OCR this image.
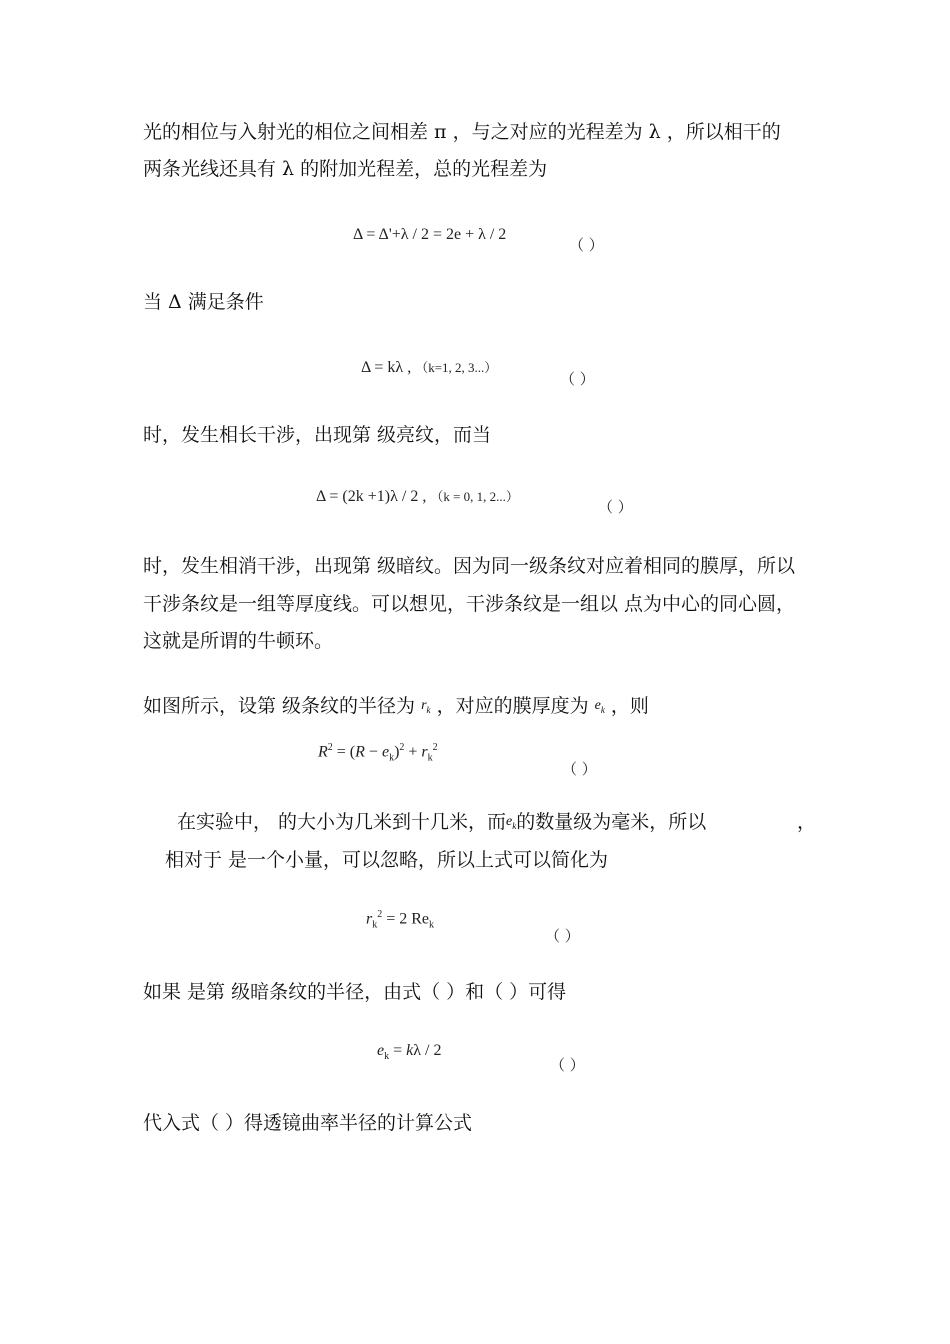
光的相位与入射光的相位之间相差 π ，与之对应的光程差为 λ ，所以相干的
两条光线还具有 λ 的附加光程差，总的光程差为
Δ = Δ'+λ / 2 = 2e + λ / 2
（ ）
当 Δ 满足条件
Δ = kλ , （k=1, 2, 3...）
（ ）
时，发生相长干涉，出现第 级亮纹，而当
Δ = (2k +1)λ / 2 , （k = 0, 1, 2...）
（ ）
时，发生相消干涉，出现第 级暗纹。因为同一级条纹对应着相同的膜厚，所以
干涉条纹是一组等厚度线。可以想见，干涉条纹是一组以 点为中心的同心圆，
这就是所谓的牛顿环。
如图所示，设第 级条纹的半径为 $r_k$ ，对应的膜厚度为 $e_k$ ，则
$R^2 = (R - e_k)^2 + r_k^2$
（ ）
在实验中， 的大小为几米到十几米，而$e_k$的数量级为毫米，所以	，
相对于 是一个小量，可以忽略，所以上式可以简化为
$r_k^2 = 2$ $Re_k$
（ ）
如果 是第 级暗条纹的半径，由式（ ）和（ ）可得
$e_k = k\lambda / 2$
（ ）
代入式（ ）得透镜曲率半径的计算公式
